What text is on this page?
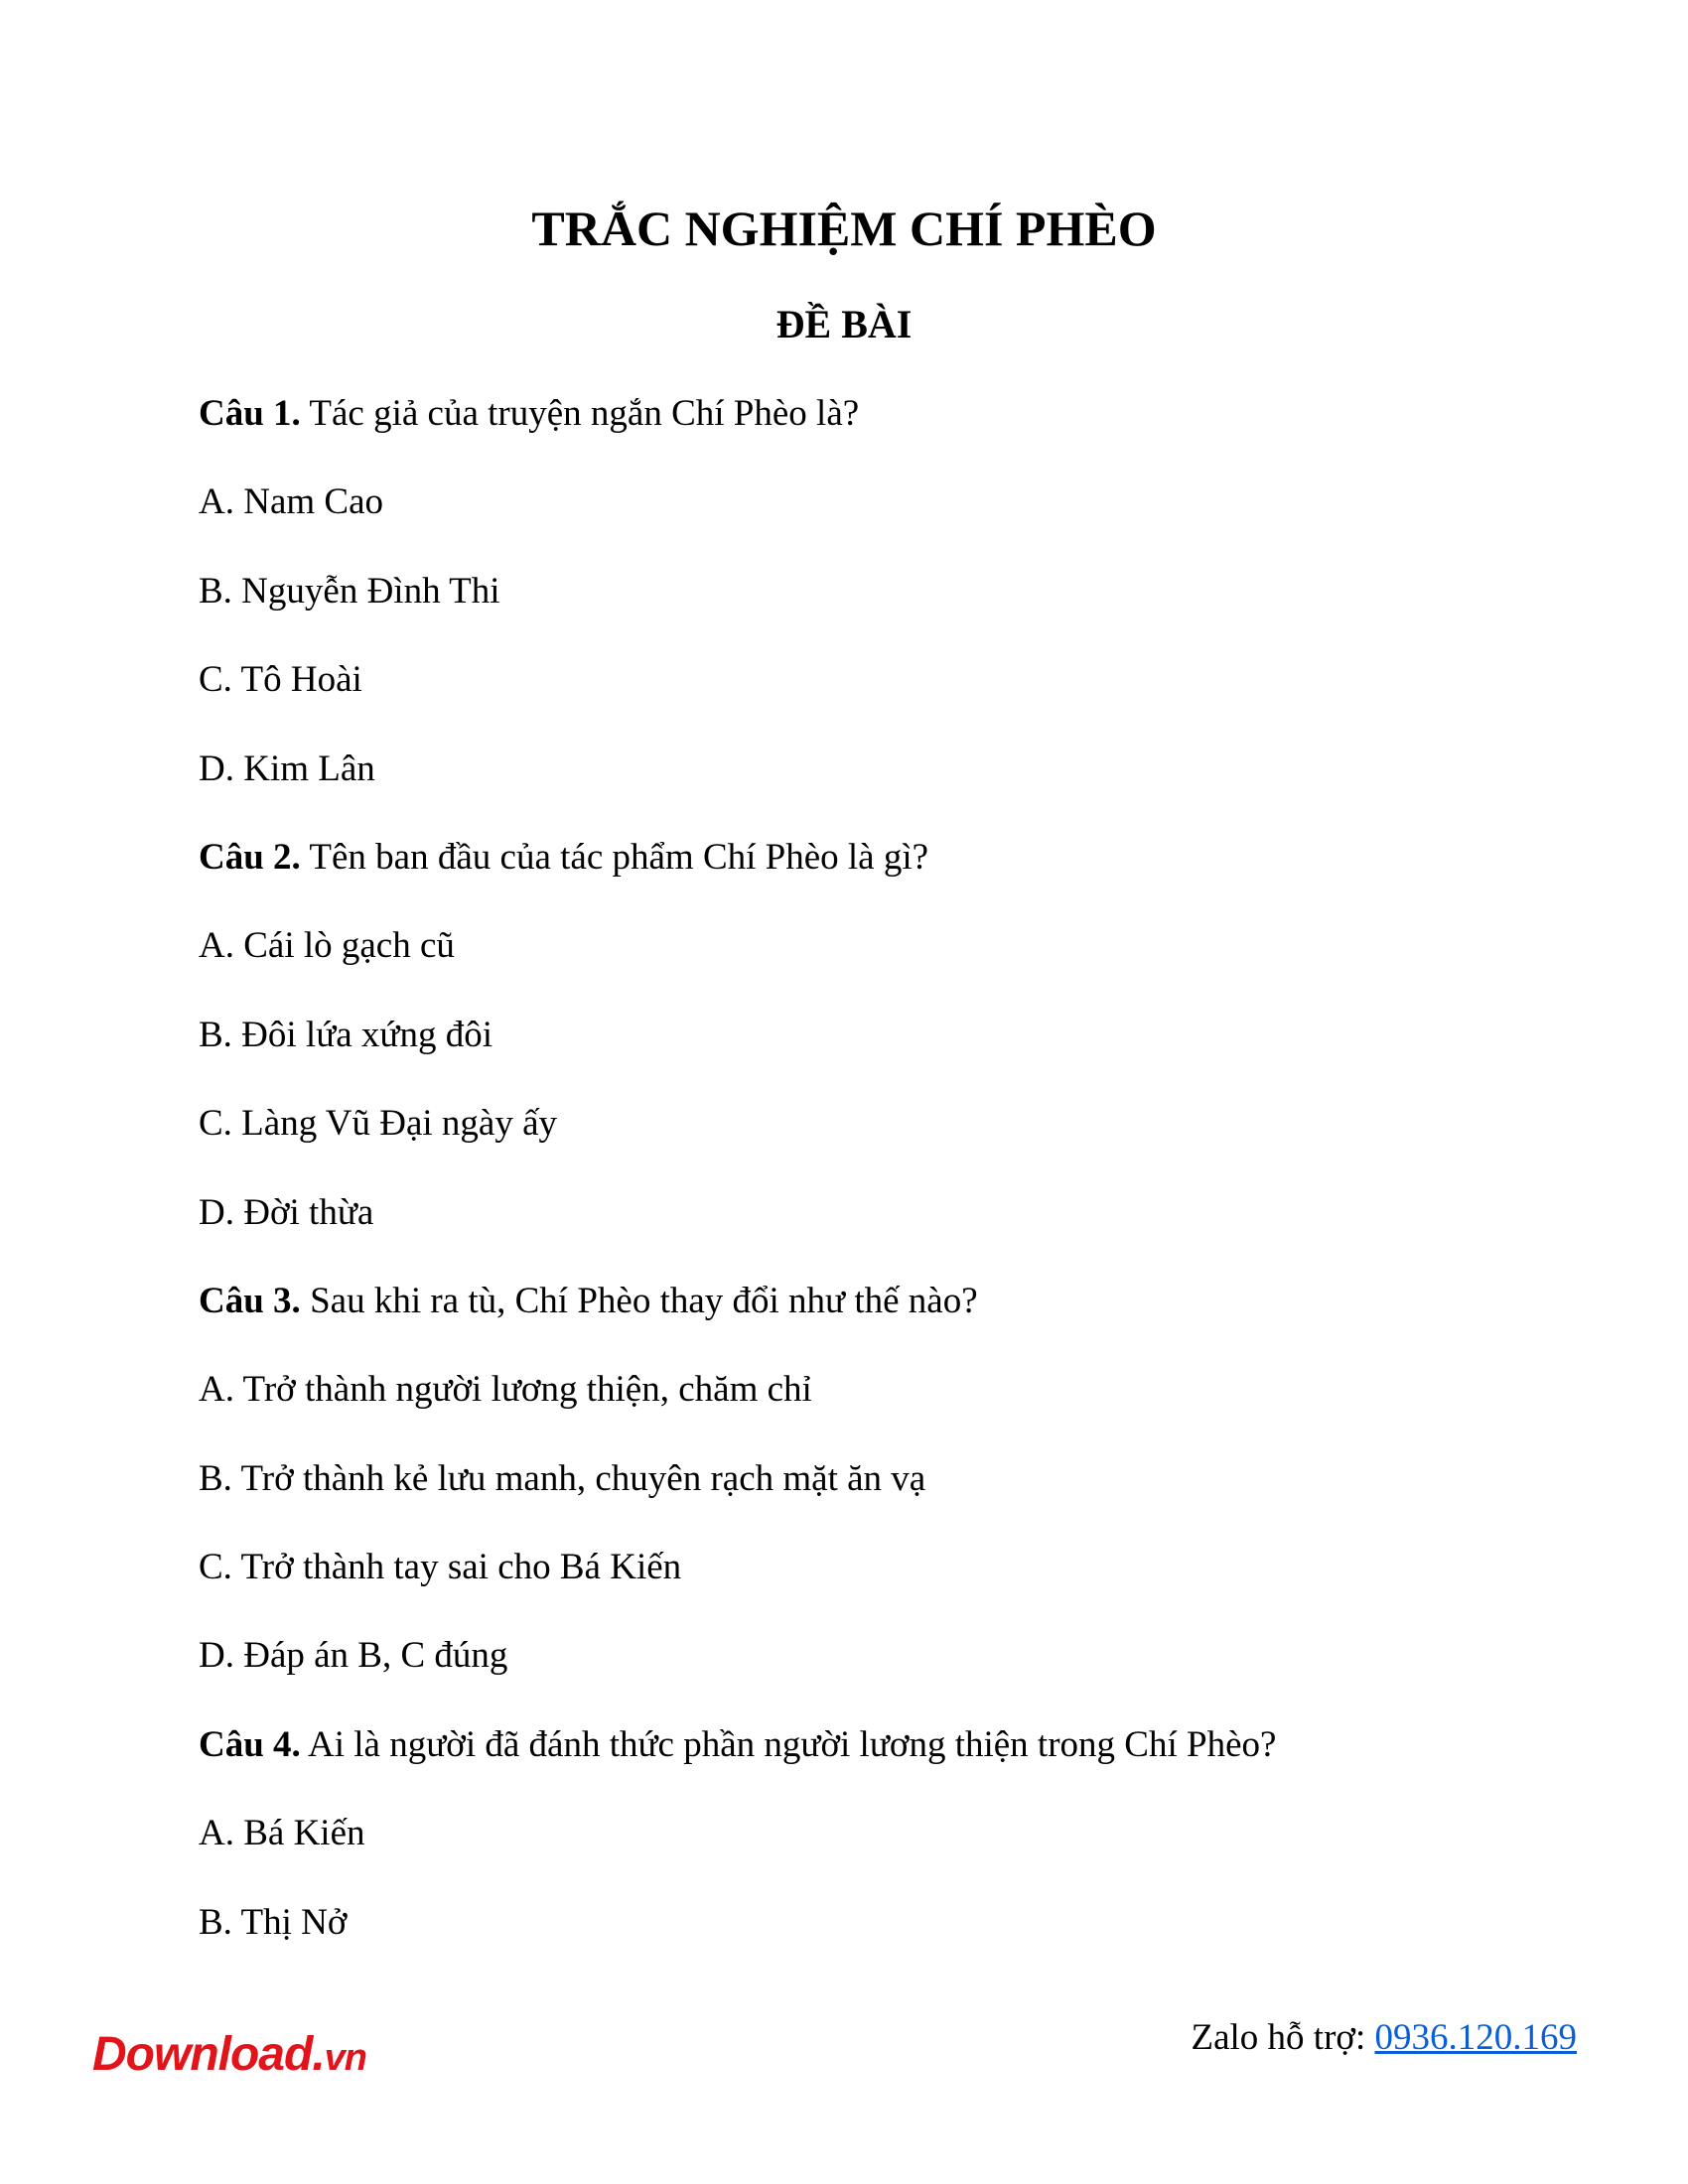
TRẮC NGHIỆM CHÍ PHÈO
ĐỀ BÀI
Câu 1. Tác giả của truyện ngắn Chí Phèo là?
A. Nam Cao
B. Nguyễn Đình Thi
C. Tô Hoài
D. Kim Lân
Câu 2. Tên ban đầu của tác phẩm Chí Phèo là gì?
A. Cái lò gạch cũ
B. Đôi lứa xứng đôi
C. Làng Vũ Đại ngày ấy
D. Đời thừa
Câu 3. Sau khi ra tù, Chí Phèo thay đổi như thế nào?
A. Trở thành người lương thiện, chăm chỉ
B. Trở thành kẻ lưu manh, chuyên rạch mặt ăn vạ
C. Trở thành tay sai cho Bá Kiến
D. Đáp án B, C đúng
Câu 4. Ai là người đã đánh thức phần người lương thiện trong Chí Phèo?
A. Bá Kiến
B. Thị Nở
Download.vn	Zalo hỗ trợ: 0936.120.169
